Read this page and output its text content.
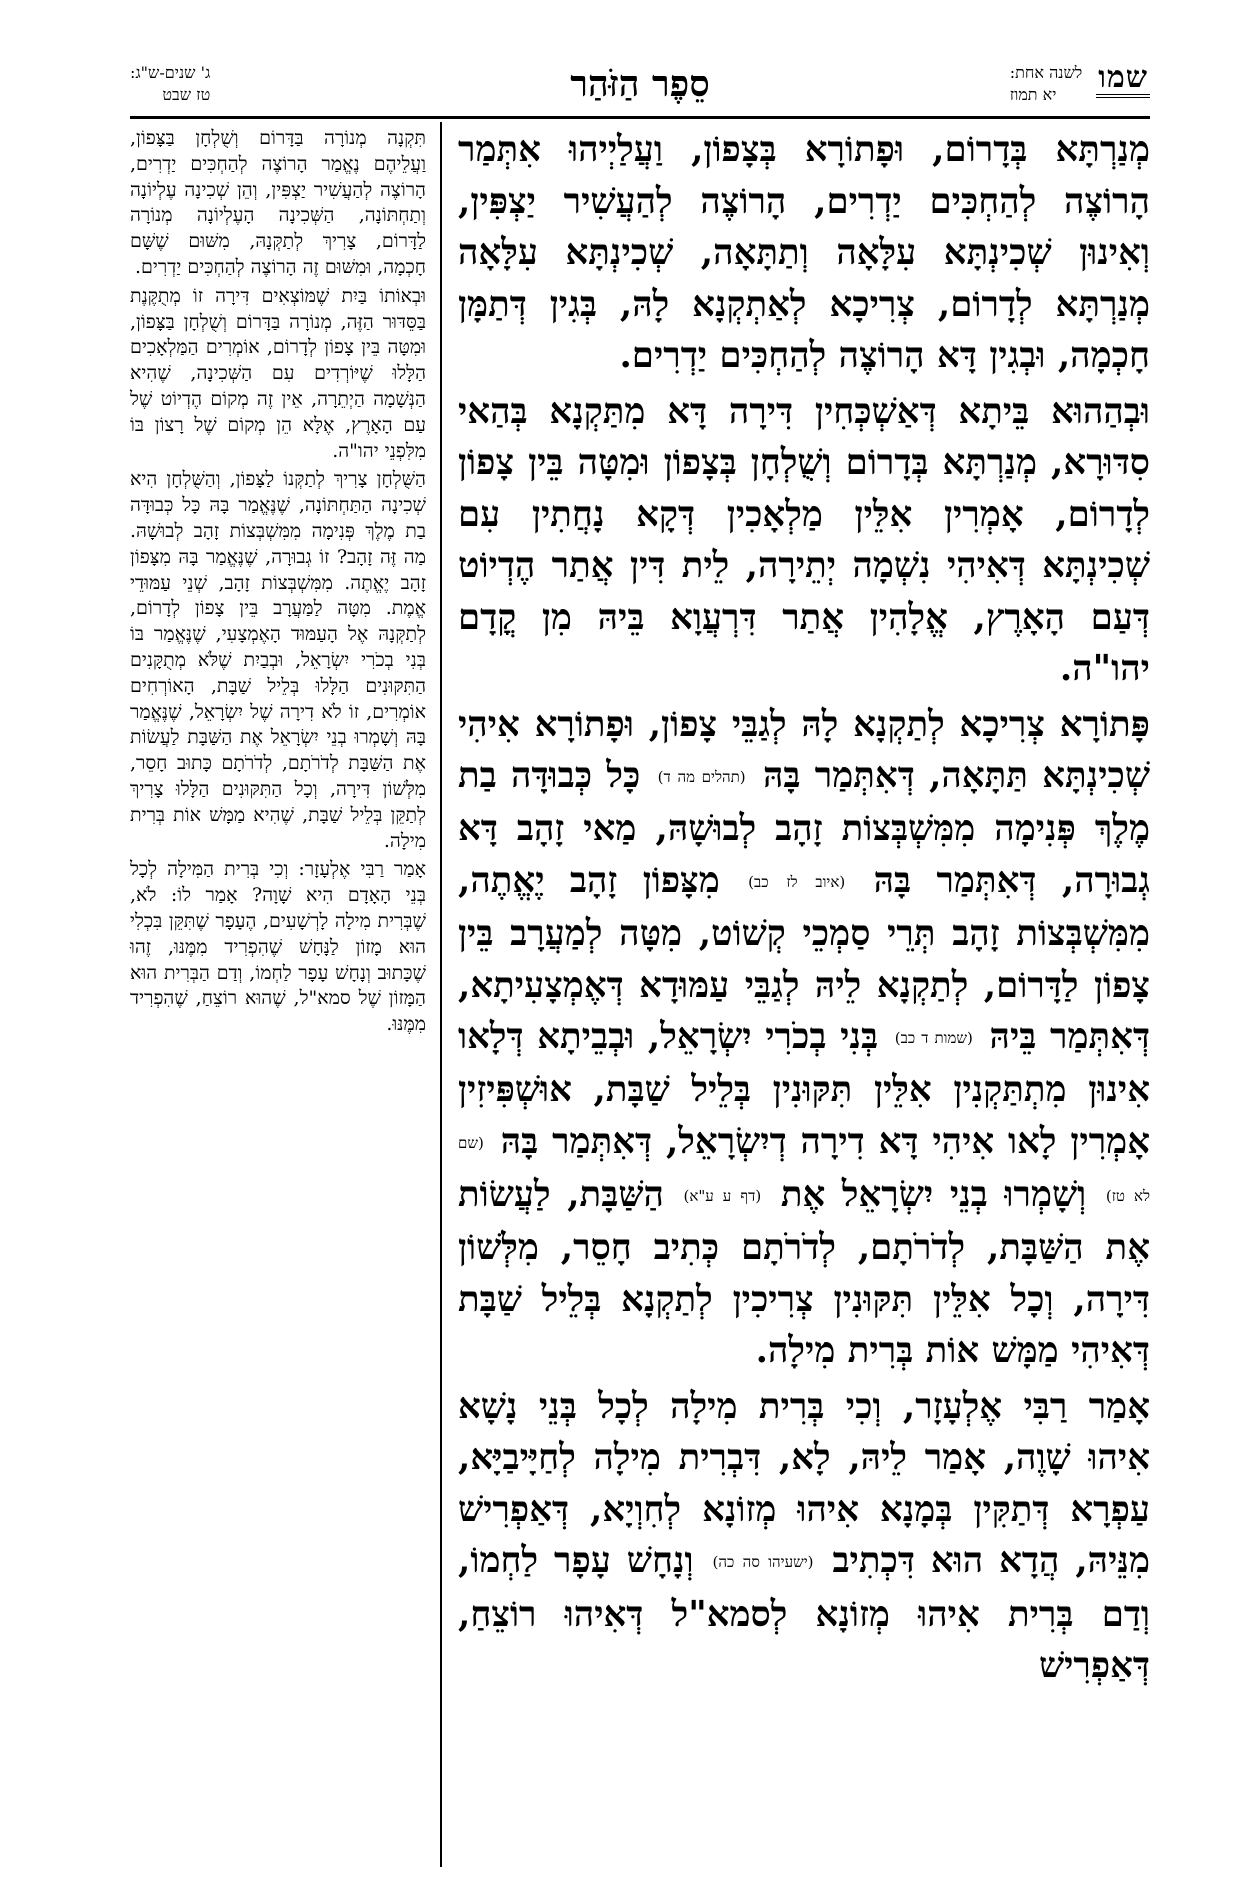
שמו
לשנה אחת:
יא תמוז
סֵפֶר הַזֹּהַר
ג' שנים-ש"ג:
טז שבט

מְנַרְתָּא בְּדָרוֹם, וּפָתוֹרָא בְּצָפוֹן, וַעֲלַיְיהוּ אִתְּמַר הָרוֹצֶה לְהַחְכִּים יַדְרִים, הָרוֹצֶה לְהַעֲשִׁיר יַצְפִּין, וְאִינוּן שְׁכִינְתָּא עִלָּאָה וְתַתָּאָה, שְׁכִינְתָּא עִלָּאָה מְנַרְתָּא לְדָרוֹם, צְרִיכָא לְאַתְקְנָא לָהּ, בְּגִין דְּתַמָּן חָכְמָה, וּבְגִין דָּא הָרוֹצֶה לְהַחְכִּים יַדְרִים.

וּבְהַהוּא בֵּיתָא דְּאַשְׁכְּחִין דִּירָה דָּא מִתַּקְנָא בְּהַאי סִדּוּרָא, מְנַרְתָּא בְּדָרוֹם וְשֻׁלְחָן בְּצָפוֹן וּמִטָּה בֵּין צָפוֹן לְדָרוֹם, אָמְרִין אִלֵּין מַלְאָכִין דְּקָא נָחֲתִין עִם שְׁכִינְתָּא דְּאִיהִי נִשְׁמָה יְתֵירָה, לֵית דִּין אֲתַר הֶדְיוֹט דְּעַם הָאָרֶץ, אֱלָהִין אֲתַר דִּרְעֲוָא בֵּיהּ מִן קֳדָם יהו"ה.

פָּתוֹרָא צְרִיכָא לְתַקְנָא לָהּ לְגַבֵּי צָפוֹן, וּפָתוֹרָא אִיהִי שְׁכִינְתָּא תַּתָּאָה, דְּאִתְּמַר בָּהּ (תהלים מה ד) כָּל כְּבוּדָּה בַת מֶלֶךְ פְּנִימָה מִמִּשְׁבְּצוֹת זָהָב לְבוּשָׁהּ, מַאי זָהָב דָּא גְבוּרָה, דְּאִתְּמַר בָּהּ (איוב לז כב) מִצָּפוֹן זָהָב יֶאֱתֶה, מִמִּשְׁבְּצוֹת זָהָב תְּרֵי סַמְכֵי קְשׁוֹט, מִטָּה לְמַעֲרָב בֵּין צָפוֹן לַדָּרוֹם, לְתַקְנָא לֵיהּ לְגַבֵּי עַמּוּדָא דְּאֶמְצָעִיתָא, דְּאִתְּמַר בֵּיהּ (שמות ד כב) בְּנִי בְכֹרִי יִשְׂרָאֵל, וּבְבֵיתָא דְּלָאו אִינוּן מִתְתַּקְנִין אִלֵּין תִּקּוּנִין בְּלֵיל שַׁבָּת, אוּשְׁפִּיזִין אָמְרִין לָאו אִיהִי דָּא דִירָה דְיִשְׂרָאֵל, דְּאִתְּמַר בָּהּ (שם לא טז) וְשָׁמְרוּ בְנֵי יִשְׂרָאֵל אֶת (דף ע ע"א) הַשַּׁבָּת, לַעֲשׂוֹת אֶת הַשַּׁבָּת, לְדֹרֹתָם, לְדֹרֹתָם כְּתִיב חָסֵר, מִלְּשׁוֹן דִּירָה, וְכָל אִלֵּין תִּקּוּנִין צְרִיכִין לְתַקְנָא בְּלֵיל שַׁבָּת דְּאִיהִי מַמָּשׁ אוֹת בְּרִית מִילָה.

אָמַר רַבִּי אֶלְעָזָר, וְכִי בְּרִית מִילָה לְכָל בְּנֵי נָשָׁא אִיהוּ שָׁוֶה, אָמַר לֵיהּ, לָא, דִּבְרִית מִילָה לְחַיָּיבַיָּא, עַפְרָא דְּתַקִּין בְּמָנָא אִיהוּ מְזוֹנָא לְחִוְיָא, דְּאַפְרִישׁ מִנֵּיהּ, הֲדָא הוּא דִּכְתִיב (ישעיהו סה כה) וְנָחָשׁ עָפָר לַחְמוֹ, וְדַם בְּרִית אִיהוּ מְזוֹנָא לְסמא"ל דְּאִיהוּ רוֹצֵחַ, דְּאַפְרִישׁ

תִּקְנָה מְנוֹרָה בַּדָּרוֹם וְשֻׁלְחָן בַּצָּפוֹן, וַעֲלֵיהֶם נֶאֱמַר הָרוֹצֶה לְהַחְכִּים יַדְרִים, הָרוֹצֶה לְהַעֲשִׁיר יַצְפִּין, וְהֵן שְׁכִינָה עֶלְיוֹנָה וְתַחְתּוֹנָה, הַשְּׁכִינָה הָעֶלְיוֹנָה מְנוֹרָה לַדָּרוֹם, צָרִיךְ לְתַקְּנָהּ, מִשּׁוּם שֶׁשָּׁם חָכְמָה, וּמִשּׁוּם זֶה הָרוֹצֶה לְהַחְכִּים יַדְרִים.

וּבְאוֹתוֹ בַּיִת שֶׁמּוֹצְאִים דִּירָה זוֹ מְתֻקֶּנֶת בַּסֵּדּוּר הַזֶּה, מְנוֹרָה בַּדָּרוֹם וְשֻׁלְחָן בַּצָּפוֹן, וּמִטָּה בֵּין צָפוֹן לְדָרוֹם, אוֹמְרִים הַמַּלְאָכִים הַלָּלוּ שֶׁיּוֹרְדִים עִם הַשְּׁכִינָה, שֶׁהִיא הַנְּשָׁמָה הַיְתֵרָה, אֵין זֶה מְקוֹם הֶדְיוֹט שֶׁל עַם הָאָרֶץ, אֶלָּא הֵן מְקוֹם שֶׁל רָצוֹן בּוֹ מִלִּפְנֵי יהו"ה.

הַשֻּׁלְחָן צָרִיךְ לְתַקְּנוֹ לַצָּפוֹן, וְהַשֻּׁלְחָן הִיא שְׁכִינָה הַתַּחְתּוֹנָה, שֶׁנֶּאֱמַר בָּהּ כָּל כְּבוּדָּה בַת מֶלֶךְ פְּנִימָה מִמִּשְׁבְּצוֹת זָהָב לְבוּשָׁהּ. מַה זֶּה זָהָב? זוֹ גְבוּרָה, שֶׁנֶּאֱמַר בָּהּ מִצָּפוֹן זָהָב יֶאֱתֶה. מִמִּשְׁבְּצוֹת זָהָב, שְׁנֵי עַמּוּדֵי אֱמֶת. מִטָּה לַמַּעֲרָב בֵּין צָפוֹן לְדָרוֹם, לְתַקְּנָהּ אֶל הָעַמּוּד הָאֶמְצָעִי, שֶׁנֶּאֱמַר בּוֹ בְּנִי בְכֹרִי יִשְׂרָאֵל, וּבְבַיִת שֶׁלֹּא מְתֻקָּנִים הַתִּקּוּנִים הַלָּלוּ בְּלֵיל שַׁבָּת, הָאוֹרְחִים אוֹמְרִים, זוֹ לֹא דִירָה שֶׁל יִשְׂרָאֵל, שֶׁנֶּאֱמַר בָּהּ וְשָׁמְרוּ בְנֵי יִשְׂרָאֵל אֶת הַשַּׁבָּת לַעֲשׂוֹת אֶת הַשַּׁבָּת לְדֹרֹתָם, לְדֹרֹתָם כָּתוּב חָסֵר, מִלְּשׁוֹן דִּירָה, וְכָל הַתִּקּוּנִים הַלָּלוּ צָרִיךְ לְתַקֵּן בְּלֵיל שַׁבָּת, שֶׁהִיא מַמָּשׁ אוֹת בְּרִית מִילָה.

אָמַר רַבִּי אֶלְעָזָר: וְכִי בְּרִית הַמִּילָה לְכָל בְּנֵי הָאָדָם הִיא שָׁוָה? אָמַר לוֹ: לֹא, שֶׁבְּרִית מִילָה לָרְשָׁעִים, הֶעָפָר שֶׁתִּקֵּן בִּכְלִי הוּא מָזוֹן לַנָּחָשׁ שֶׁהִפְרִיד מִמֶּנּוּ, זֶהוּ שֶׁכָּתוּב וְנָחָשׁ עָפָר לַחְמוֹ, וְדַם הַבְּרִית הוּא הַמָּזוֹן שֶׁל סמא"ל, שֶׁהוּא רוֹצֵחַ, שֶׁהִפְרִיד מִמֶּנּוּ.
